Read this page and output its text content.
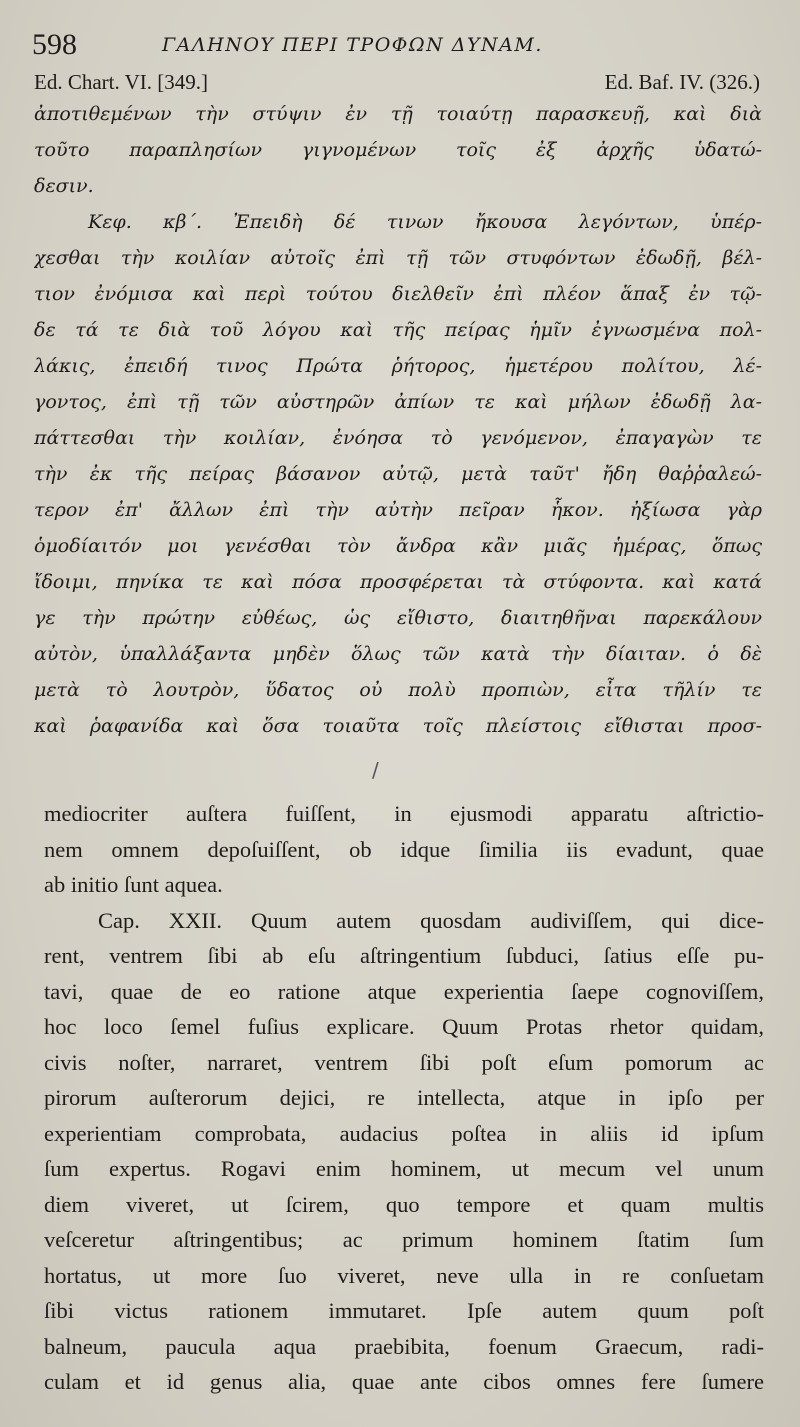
598	ΓΑΛΗΝΟΥ ΠΕΡΙ ΤΡΟΦΩΝ ΔΥΝΑΜ.
Ed. Chart. VI. [349.]	Ed. Baf. IV. (326.)
ἀποτιθεμένων τὴν στύψιν ἐν τῇ τοιαύτῃ παρασκευῇ, καὶ διὰ
τοῦτο παραπλησίων γιγνομένων τοῖς ἐξ ἀρχῆς ὑδατώ-
δεσιν.
Κεφ. κβ΄. Ἐπειδὴ δέ τινων ἤκουσα λεγόντων, ὑπέρ-
χεσθαι τὴν κοιλίαν αὐτοῖς ἐπὶ τῇ τῶν στυφόντων ἐδωδῇ, βέλ-
τιον ἐνόμισα καὶ περὶ τούτου διελθεῖν ἐπὶ πλέον ἅπαξ ἐν τῷ-
δε τά τε διὰ τοῦ λόγου καὶ τῆς πείρας ἡμῖν ἐγνωσμένα πολ-
λάκις, ἐπειδή τινος Πρώτα ῥήτορος, ἡμετέρου πολίτου, λέ-
γοντος, ἐπὶ τῇ τῶν αὐστηρῶν ἀπίων τε καὶ μήλων ἐδωδῇ λα-
πάττεσθαι τὴν κοιλίαν, ἐνόησα τὸ γενόμενον, ἐπαγαγὼν τε
τὴν ἐκ τῆς πείρας βάσανον αὐτῷ, μετὰ ταῦτ' ἤδη θαῤῥαλεώ-
τερον ἐπ' ἄλλων ἐπὶ τὴν αὐτὴν πεῖραν ἧκον. ἠξίωσα γὰρ
ὁμοδίαιτόν μοι γενέσθαι τὸν ἄνδρα κἂν μιᾶς ἡμέρας, ὅπως
ἴδοιμι, πηνίκα τε καὶ πόσα προσφέρεται τὰ στύφοντα. καὶ κατά
γε τὴν πρώτην εὐθέως, ὡς εἴθιστο, διαιτηθῆναι παρεκάλουν
αὐτὸν, ὑπαλλάξαντα μηδὲν ὅλως τῶν κατὰ τὴν δίαιταν. ὁ δὲ
μετὰ τὸ λουτρὸν, ὕδατος οὐ πολὺ προπιὼν, εἶτα τῆλίν τε
καὶ ῥαφανίδα καὶ ὅσα τοιαῦτα τοῖς πλείστοις εἴθισται προσ-
/
mediocriter auſtera fuiſſent, in ejusmodi apparatu aſtrictio-
nem omnem depoſuiſſent, ob idque ſimilia iis evadunt, quae
ab initio ſunt aquea.
Cap. XXII. Quum autem quosdam audiviſſem, qui dice-
rent, ventrem ſibi ab eſu aſtringentium ſubduci, ſatius eſſe pu-
tavi, quae de eo ratione atque experientia ſaepe cognoviſſem,
hoc loco ſemel fuſius explicare. Quum Protas rhetor quidam,
civis noſter, narraret, ventrem ſibi poſt eſum pomorum ac
pirorum auſterorum dejici, re intellecta, atque in ipſo per
experientiam comprobata, audacius poſtea in aliis id ipſum
ſum expertus. Rogavi enim hominem, ut mecum vel unum
diem viveret, ut ſcirem, quo tempore et quam multis
veſceretur aſtringentibus; ac primum hominem ſtatim ſum
hortatus, ut more ſuo viveret, neve ulla in re conſuetam
ſibi victus rationem immutaret. Ipſe autem quum poſt
balneum, paucula aqua praebibita, foenum Graecum, radi-
culam et id genus alia, quae ante cibos omnes fere ſumere
